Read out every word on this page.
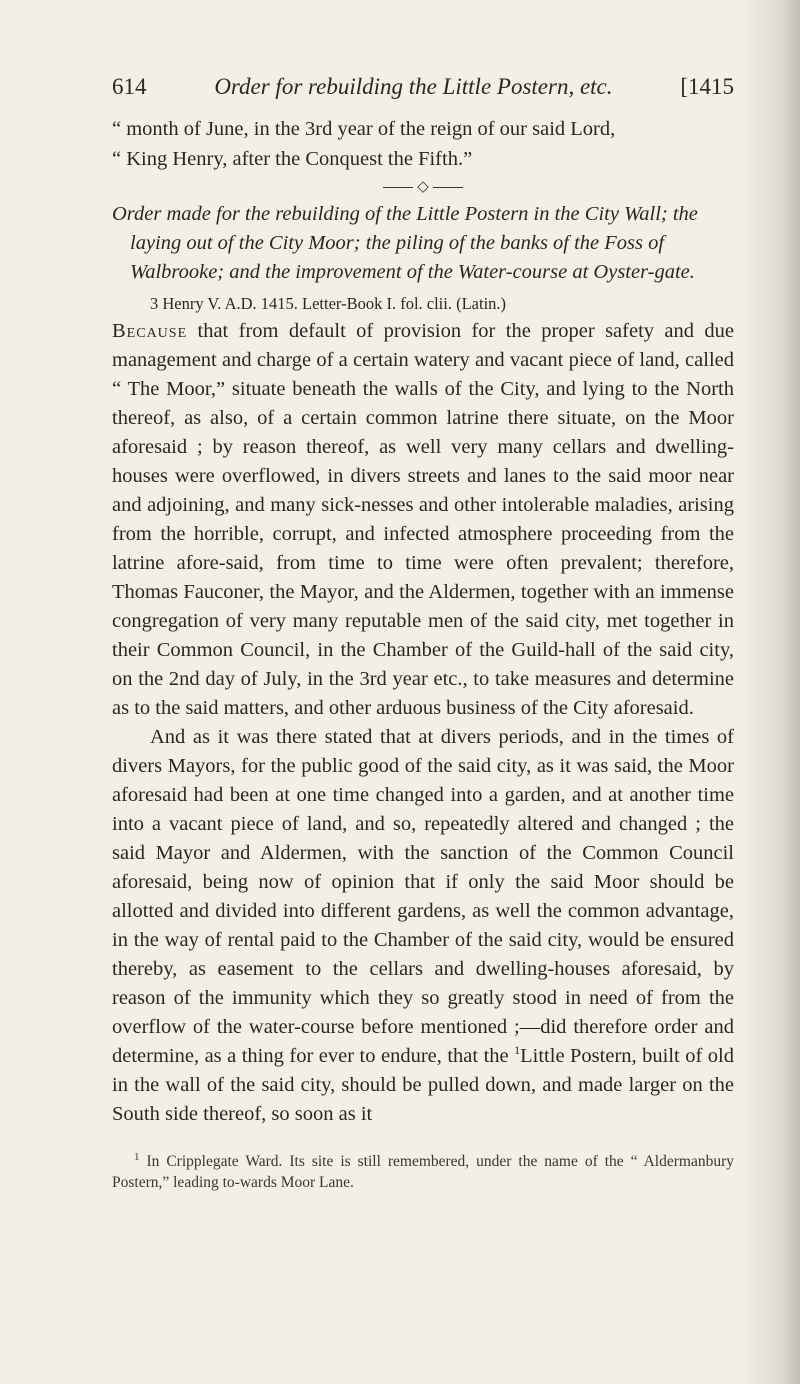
614	Order for rebuilding the Little Postern, etc.	[1415

“ month of June, in the 3rd year of the reign of our said Lord,

“ King Henry, after the Conquest the Fifth.”

◇

Order made for the rebuilding of the Little Postern in the City Wall; the laying out of the City Moor; the piling of the banks of the Foss of Walbrooke; and the improvement of the Water-course at Oyster-gate.

3 Henry V. A.D. 1415. Letter-Book I. fol. clii. (Latin.)

Because that from default of provision for the proper safety and due management and charge of a certain watery and vacant piece of land, called “ The Moor,” situate beneath the walls of the City, and lying to the North thereof, as also, of a certain common latrine there situate, on the Moor aforesaid ; by reason thereof, as well very many cellars and dwelling-houses were overflowed, in divers streets and lanes to the said moor near and adjoining, and many sick-nesses and other intolerable maladies, arising from the horrible, corrupt, and infected atmosphere proceeding from the latrine afore-said, from time to time were often prevalent; therefore, Thomas Fauconer, the Mayor, and the Aldermen, together with an immense congregation of very many reputable men of the said city, met together in their Common Council, in the Chamber of the Guild-hall of the said city, on the 2nd day of July, in the 3rd year etc., to take measures and determine as to the said matters, and other arduous business of the City aforesaid.

And as it was there stated that at divers periods, and in the times of divers Mayors, for the public good of the said city, as it was said, the Moor aforesaid had been at one time changed into a garden, and at another time into a vacant piece of land, and so, repeatedly altered and changed ; the said Mayor and Aldermen, with the sanction of the Common Council aforesaid, being now of opinion that if only the said Moor should be allotted and divided into different gardens, as well the common advantage, in the way of rental paid to the Chamber of the said city, would be ensured thereby, as easement to the cellars and dwelling-houses aforesaid, by reason of the immunity which they so greatly stood in need of from the overflow of the water-course before mentioned ;—did therefore order and determine, as a thing for ever to endure, that the $^1$Little Postern, built of old in the wall of the said city, should be pulled down, and made larger on the South side thereof, so soon as it

$^1$ In Cripplegate Ward. Its site is still remembered, under the name of the “ Aldermanbury Postern,” leading to-wards Moor Lane.
